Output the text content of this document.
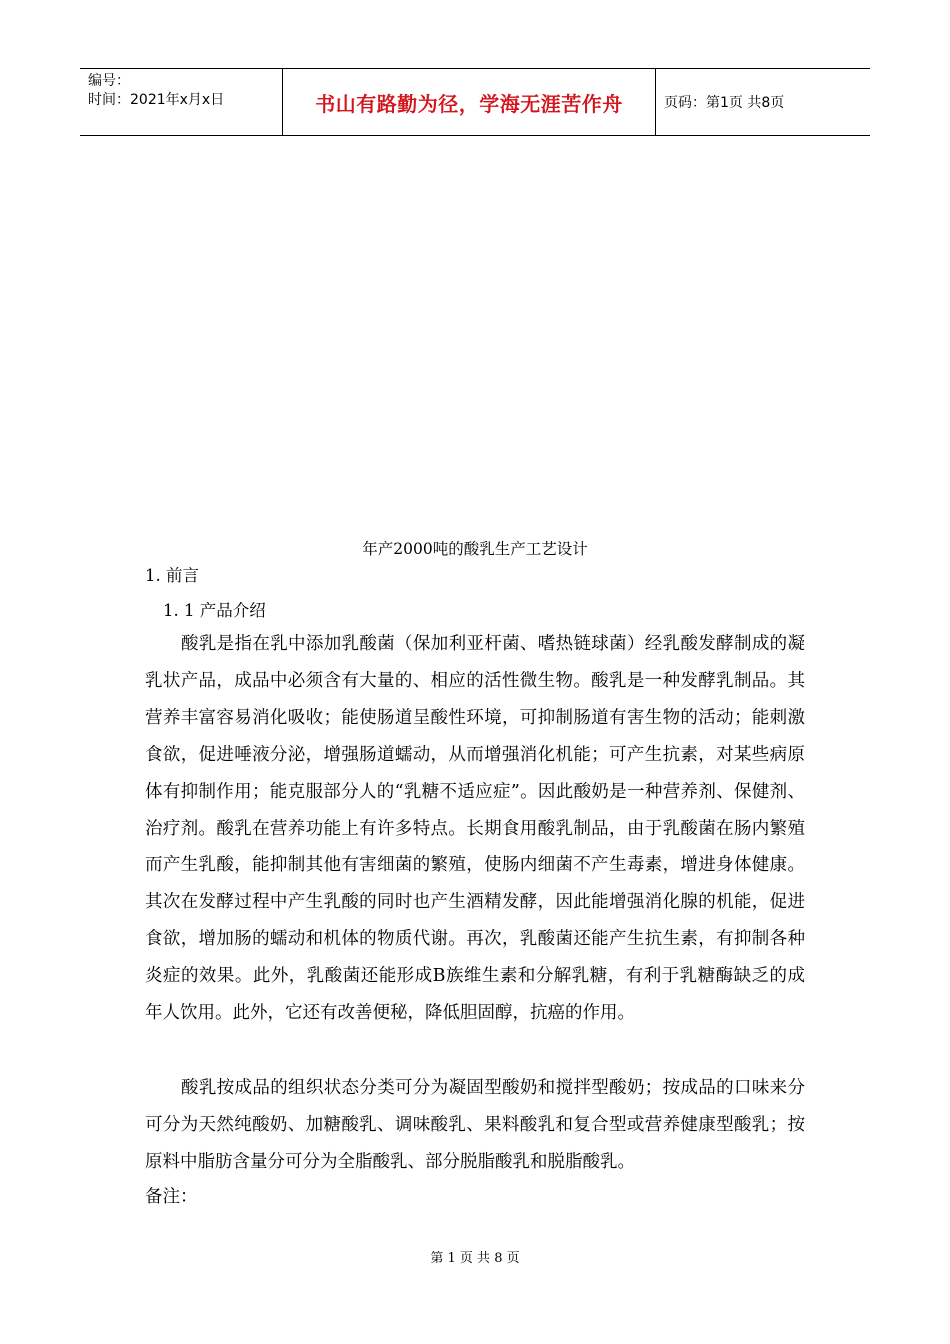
编号：
时间：2021年x月x日	书山有路勤为径，学海无涯苦作舟	页码：第1页 共8页
年产2000吨的酸乳生产工艺设计
1. 前言
1. 1 产品介绍

酸乳是指在乳中添加乳酸菌（保加利亚杆菌、嗜热链球菌）经乳酸发酵制成的凝乳状产品，成品中必须含有大量的、相应的活性微生物。酸乳是一种发酵乳制品。其营养丰富容易消化吸收；能使肠道呈酸性环境，可抑制肠道有害生物的活动；能刺激食欲，促进唾液分泌，增强肠道蠕动，从而增强消化机能；可产生抗素，对某些病原体有抑制作用；能克服部分人的“乳糖不适应症”。因此酸奶是一种营养剂、保健剂、治疗剂。酸乳在营养功能上有许多特点。长期食用酸乳制品，由于乳酸菌在肠内繁殖而产生乳酸，能抑制其他有害细菌的繁殖，使肠内细菌不产生毒素，增进身体健康。其次在发酵过程中产生乳酸的同时也产生酒精发酵，因此能增强消化腺的机能，促进食欲，增加肠的蠕动和机体的物质代谢。再次，乳酸菌还能产生抗生素，有抑制各种炎症的效果。此外，乳酸菌还能形成B族维生素和分解乳糖，有利于乳糖酶缺乏的成年人饮用。此外，它还有改善便秘，降低胆固醇，抗癌的作用。

酸乳按成品的组织状态分类可分为凝固型酸奶和搅拌型酸奶；按成品的口味来分可分为天然纯酸奶、加糖酸乳、调味酸乳、果料酸乳和复合型或营养健康型酸乳；按原料中脂肪含量分可分为全脂酸乳、部分脱脂酸乳和脱脂酸乳。

备注：
第 1 页 共 8 页
